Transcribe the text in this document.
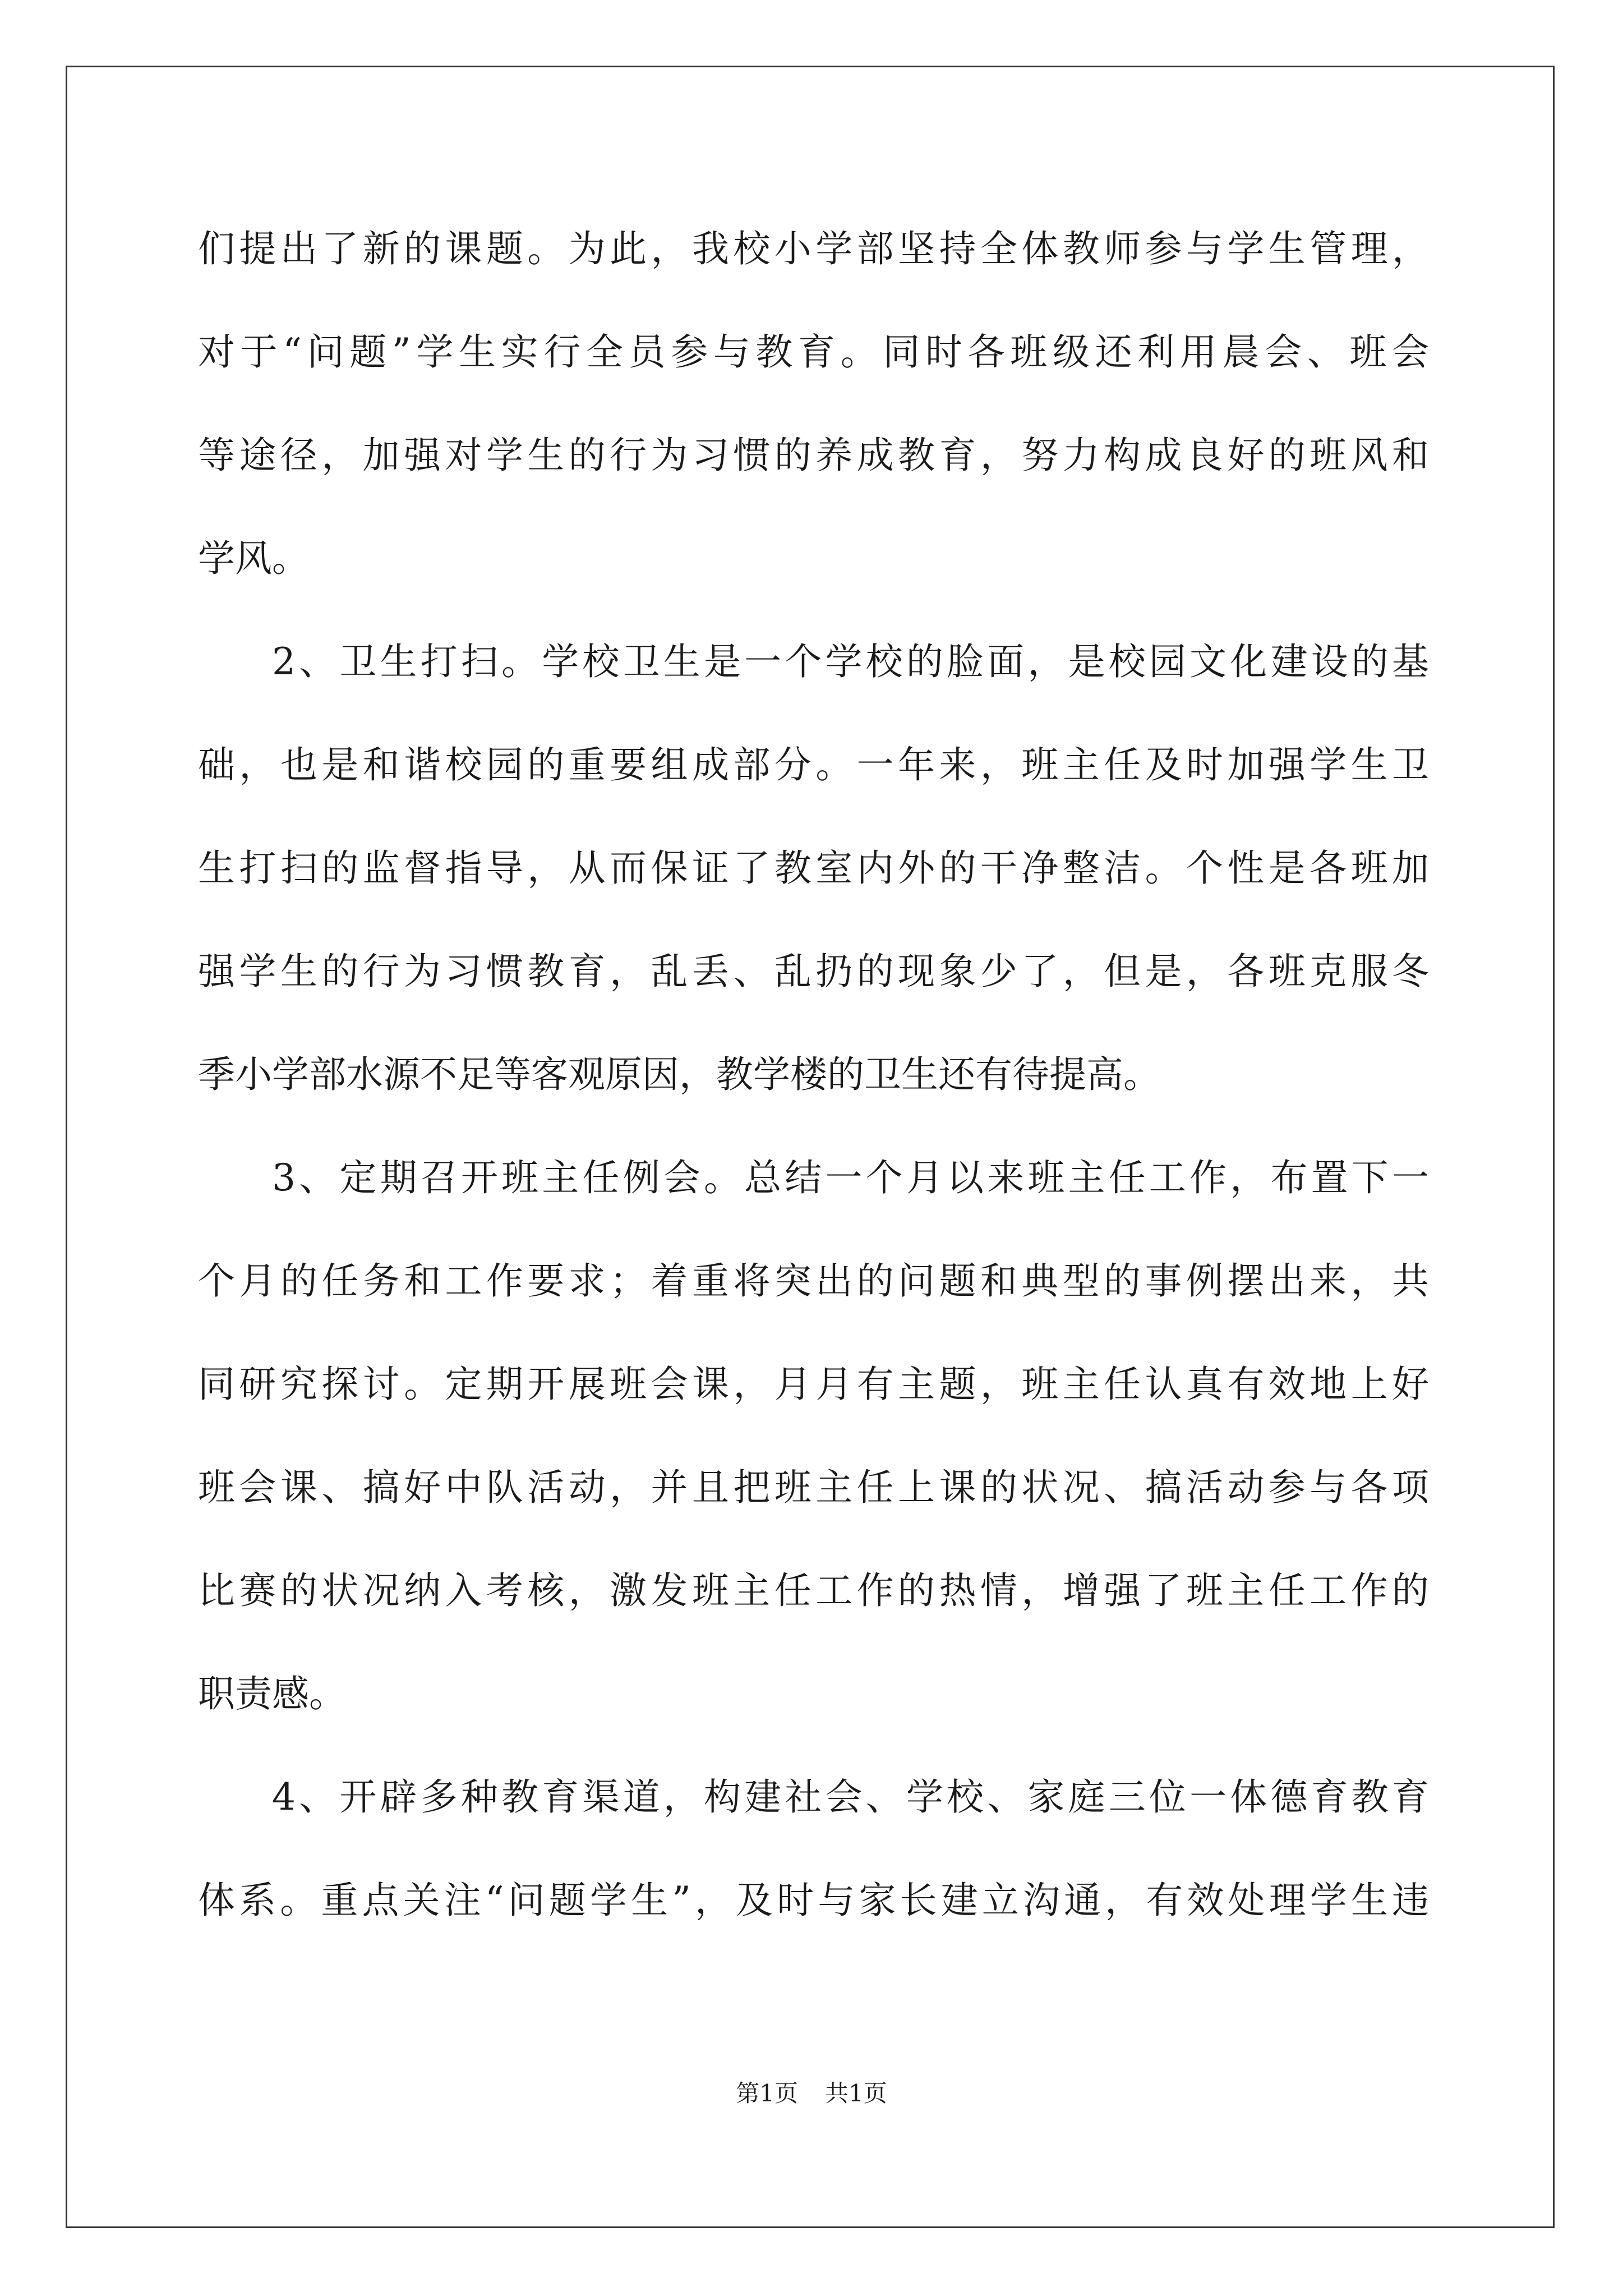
们提出了新的课题。为此，我校小学部坚持全体教师参与学生管理，
对于“问题”学生实行全员参与教育。同时各班级还利用晨会、班会
等途径，加强对学生的行为习惯的养成教育，努力构成良好的班风和
学风。
2、卫生打扫。学校卫生是一个学校的脸面，是校园文化建设的基
础，也是和谐校园的重要组成部分。一年来，班主任及时加强学生卫
生打扫的监督指导，从而保证了教室内外的干净整洁。个性是各班加
强学生的行为习惯教育，乱丢、乱扔的现象少了，但是，各班克服冬
季小学部水源不足等客观原因，教学楼的卫生还有待提高。
3、定期召开班主任例会。总结一个月以来班主任工作，布置下一
个月的任务和工作要求；着重将突出的问题和典型的事例摆出来，共
同研究探讨。定期开展班会课，月月有主题，班主任认真有效地上好
班会课、搞好中队活动，并且把班主任上课的状况、搞活动参与各项
比赛的状况纳入考核，激发班主任工作的热情，增强了班主任工作的
职责感。
4、开辟多种教育渠道，构建社会、学校、家庭三位一体德育教育
体系。重点关注“问题学生”，及时与家长建立沟通，有效处理学生违
第1页 共1页
